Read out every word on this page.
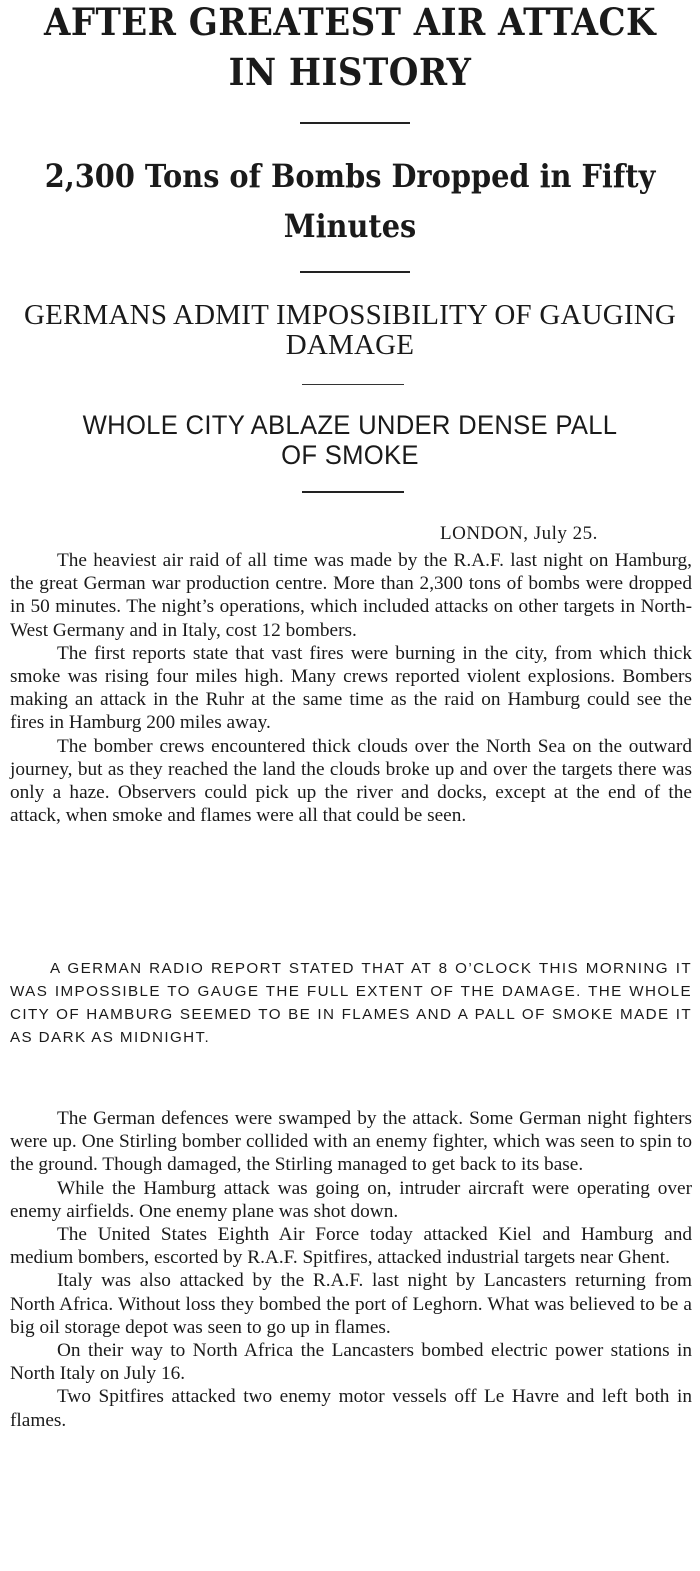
AFTER GREATEST AIR ATTACK
IN HISTORY
2,300 Tons of Bombs Dropped in Fifty
Minutes
GERMANS ADMIT IMPOSSIBILITY OF GAUGING
DAMAGE
WHOLE CITY ABLAZE UNDER DENSE PALL
OF SMOKE
LONDON, July 25.

The heaviest air raid of all time was made by the R.A.F. last night on Hamburg, the great German war production centre. More than 2,300 tons of bombs were dropped in 50 minutes. The night’s operations, which included attacks on other targets in North-West Germany and in Italy, cost 12 bombers.

The first reports state that vast fires were burning in the city, from which thick smoke was rising four miles high. Many crews reported violent explosions. Bombers making an attack in the Ruhr at the same time as the raid on Hamburg could see the fires in Hamburg 200 miles away.

The bomber crews encountered thick clouds over the North Sea on the outward journey, but as they reached the land the clouds broke up and over the targets there was only a haze. Observers could pick up the river and docks, except at the end of the attack, when smoke and flames were all that could be seen.

A GERMAN RADIO REPORT STATED THAT AT 8 O’CLOCK THIS MORNING IT WAS IMPOSSIBLE TO GAUGE THE FULL EXTENT OF THE DAMAGE. THE WHOLE CITY OF HAMBURG SEEMED TO BE IN FLAMES AND A PALL OF SMOKE MADE IT AS DARK AS MIDNIGHT.

The German defences were swamped by the attack. Some German night fighters were up. One Stirling bomber collided with an enemy fighter, which was seen to spin to the ground. Though damaged, the Stirling managed to get back to its base.

While the Hamburg attack was going on, intruder aircraft were operating over enemy airfields. One enemy plane was shot down.

The United States Eighth Air Force today attacked Kiel and Hamburg and medium bombers, escorted by R.A.F. Spitfires, attacked industrial targets near Ghent.

Italy was also attacked by the R.A.F. last night by Lancasters returning from North Africa. Without loss they bombed the port of Leghorn. What was believed to be a big oil storage depot was seen to go up in flames.

On their way to North Africa the Lancasters bombed electric power stations in North Italy on July 16.

Two Spitfires attacked two enemy motor vessels off Le Havre and left both in flames.
